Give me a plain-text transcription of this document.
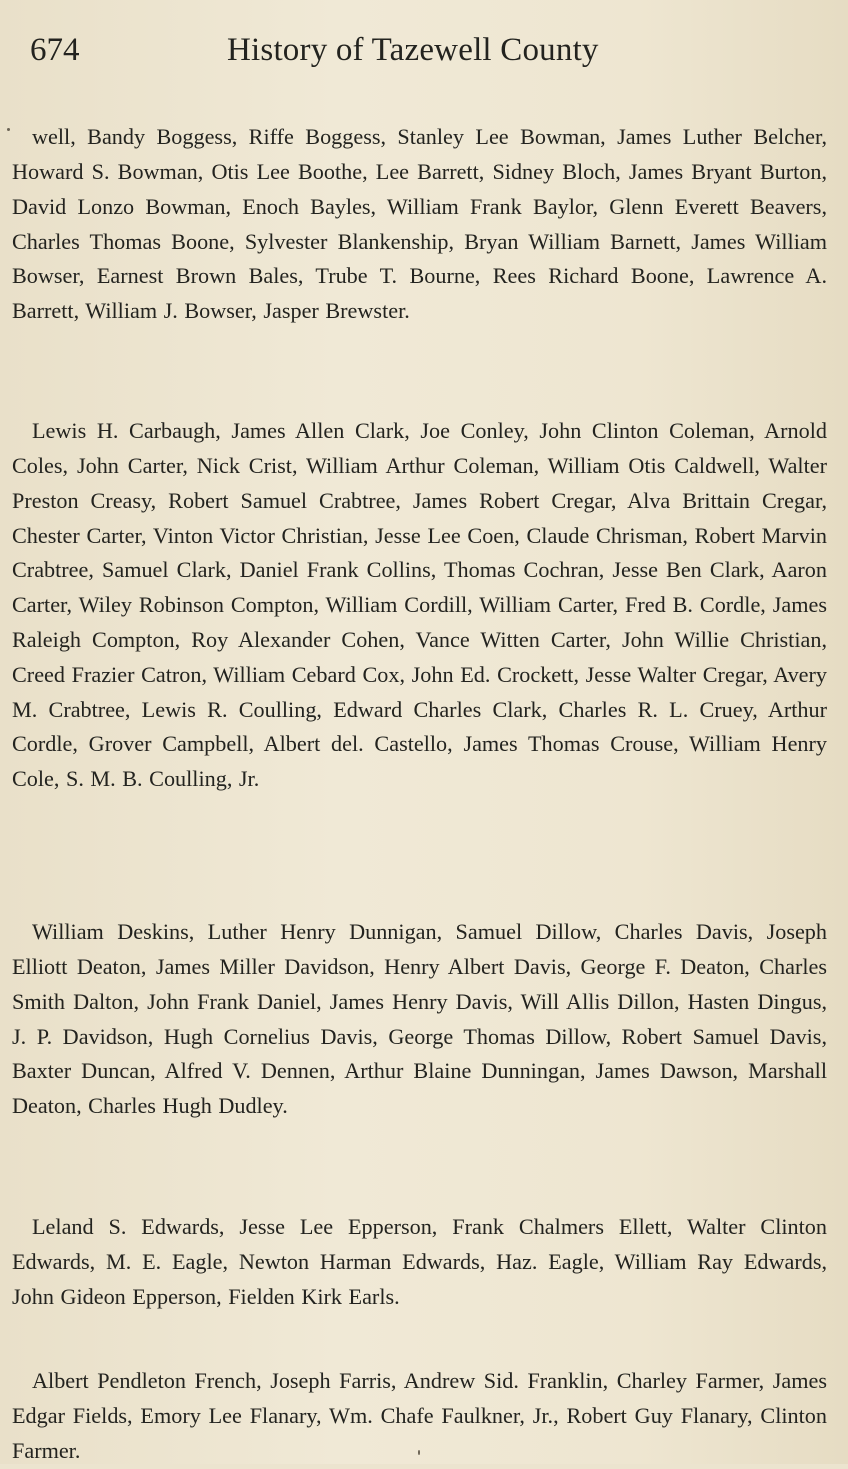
674	History of Tazewell County

well, Bandy Boggess, Riffe Boggess, Stanley Lee Bowman, James Luther Belcher, Howard S. Bowman, Otis Lee Boothe, Lee Barrett, Sidney Bloch, James Bryant Burton, David Lonzo Bowman, Enoch Bayles, William Frank Baylor, Glenn Everett Beavers, Charles Thomas Boone, Sylvester Blankenship, Bryan William Barnett, James William Bowser, Earnest Brown Bales, Trube T. Bourne, Rees Richard Boone, Lawrence A. Barrett, William J. Bowser, Jasper Brewster.

Lewis H. Carbaugh, James Allen Clark, Joe Conley, John Clinton Coleman, Arnold Coles, John Carter, Nick Crist, William Arthur Coleman, William Otis Caldwell, Walter Preston Creasy, Robert Samuel Crabtree, James Robert Cregar, Alva Brittain Cregar, Chester Carter, Vinton Victor Christian, Jesse Lee Coen, Claude Chrisman, Robert Marvin Crabtree, Samuel Clark, Daniel Frank Collins, Thomas Cochran, Jesse Ben Clark, Aaron Carter, Wiley Robinson Compton, William Cordill, William Carter, Fred B. Cordle, James Raleigh Compton, Roy Alexander Cohen, Vance Witten Carter, John Willie Christian, Creed Frazier Catron, William Cebard Cox, John Ed. Crockett, Jesse Walter Cregar, Avery M. Crabtree, Lewis R. Coulling, Edward Charles Clark, Charles R. L. Cruey, Arthur Cordle, Grover Campbell, Albert del. Castello, James Thomas Crouse, William Henry Cole, S. M. B. Coulling, Jr.

William Deskins, Luther Henry Dunnigan, Samuel Dillow, Charles Davis, Joseph Elliott Deaton, James Miller Davidson, Henry Albert Davis, George F. Deaton, Charles Smith Dalton, John Frank Daniel, James Henry Davis, Will Allis Dillon, Hasten Dingus, J. P. Davidson, Hugh Cornelius Davis, George Thomas Dillow, Robert Samuel Davis, Baxter Duncan, Alfred V. Dennen, Arthur Blaine Dunningan, James Dawson, Marshall Deaton, Charles Hugh Dudley.

Leland S. Edwards, Jesse Lee Epperson, Frank Chalmers Ellett, Walter Clinton Edwards, M. E. Eagle, Newton Harman Edwards, Haz. Eagle, William Ray Edwards, John Gideon Epperson, Fielden Kirk Earls.

Albert Pendleton French, Joseph Farris, Andrew Sid. Franklin, Charley Farmer, James Edgar Fields, Emory Lee Flanary, Wm. Chafe Faulkner, Jr., Robert Guy Flanary, Clinton Farmer.
